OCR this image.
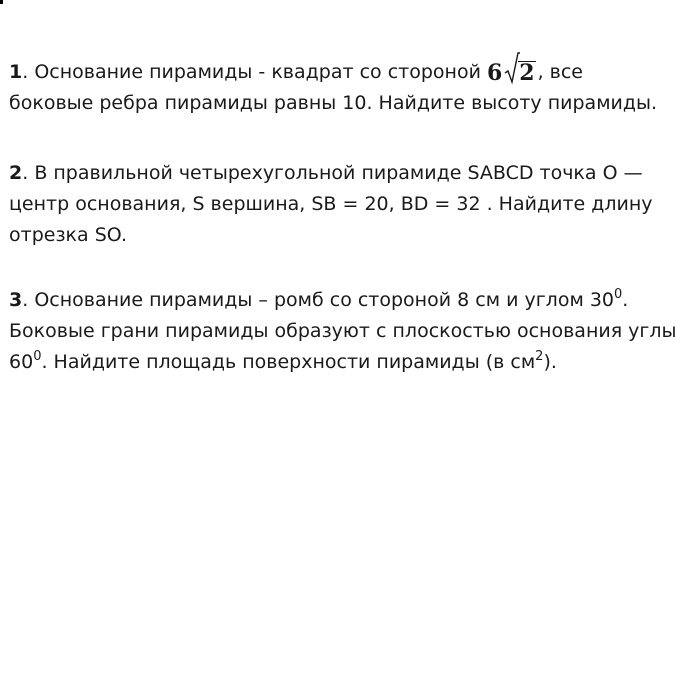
1. Основание пирамиды - квадрат со стороной 6 2 , все
боковые ребра пирамиды равны 10. Найдите высоту пирамиды.
2. В правильной четырехугольной пирамиде SABCD точка O —
центр основания, S вершина, SB = 20, BD = 32 . Найдите длину
отрезка SO.
3. Основание пирамиды – ромб со стороной 8 см и углом $30^0$.
Боковые грани пирамиды образуют с плоскостью основания углы
$60^0$. Найдите площадь поверхности пирамиды (в $см^2$).
